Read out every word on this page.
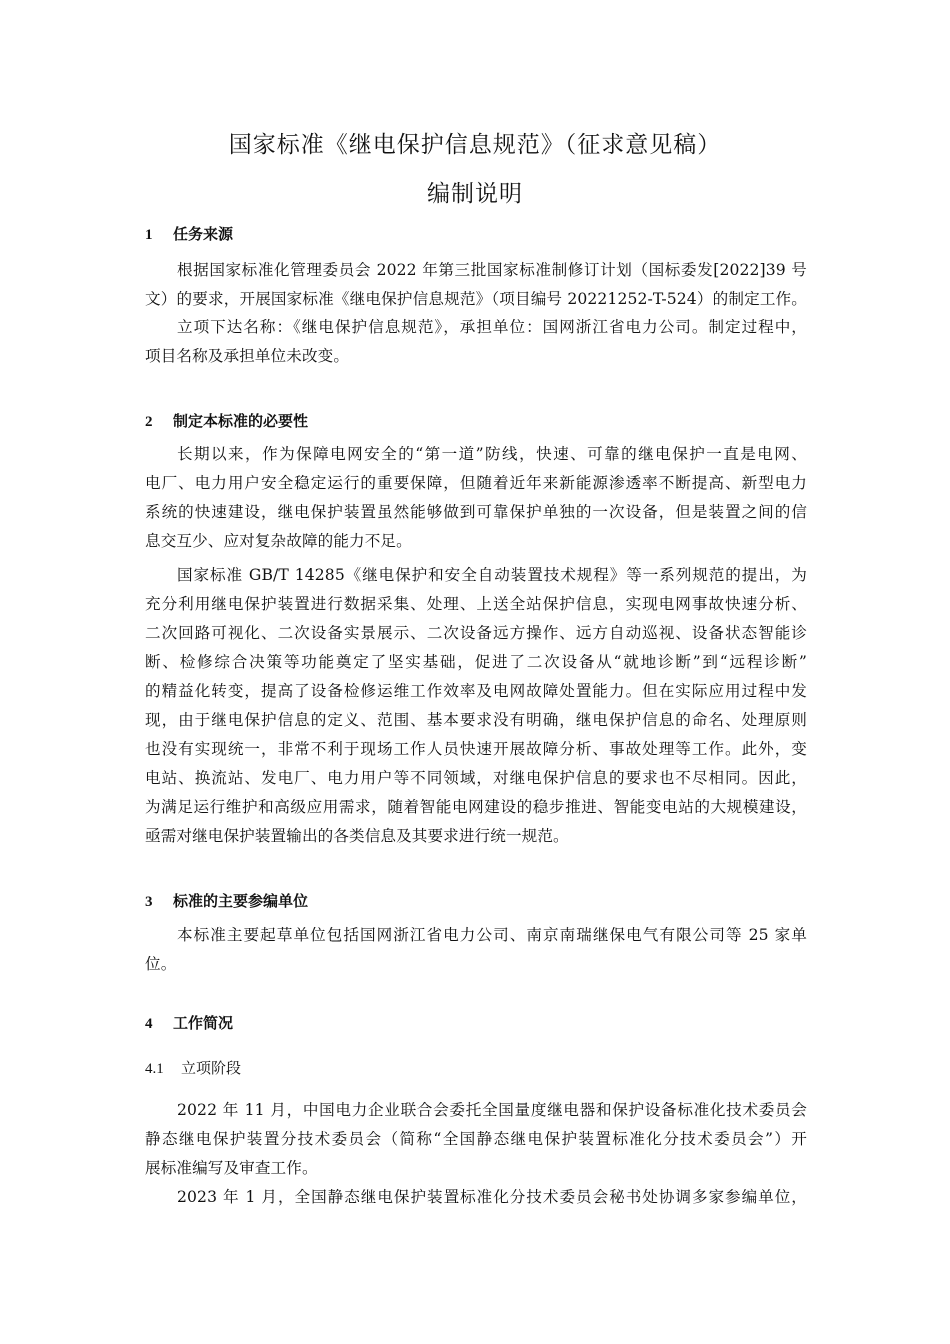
国家标准《继电保护信息规范》（征求意见稿）
编制说明
1 任务来源
根据国家标准化管理委员会 2022 年第三批国家标准制修订计划（国标委发[2022]39 号
文）的要求，开展国家标准《继电保护信息规范》（项目编号 20221252-T-524）的制定工作。
立项下达名称：《继电保护信息规范》，承担单位：国网浙江省电力公司。制定过程中，
项目名称及承担单位未改变。
2 制定本标准的必要性
长期以来，作为保障电网安全的“第一道”防线，快速、可靠的继电保护一直是电网、
电厂、电力用户安全稳定运行的重要保障，但随着近年来新能源渗透率不断提高、新型电力
系统的快速建设，继电保护装置虽然能够做到可靠保护单独的一次设备，但是装置之间的信
息交互少、应对复杂故障的能力不足。
国家标准 GB/T 14285《继电保护和安全自动装置技术规程》等一系列规范的提出，为
充分利用继电保护装置进行数据采集、处理、上送全站保护信息，实现电网事故快速分析、
二次回路可视化、二次设备实景展示、二次设备远方操作、远方自动巡视、设备状态智能诊
断、检修综合决策等功能奠定了坚实基础，促进了二次设备从“就地诊断”到“远程诊断”
的精益化转变，提高了设备检修运维工作效率及电网故障处置能力。但在实际应用过程中发
现，由于继电保护信息的定义、范围、基本要求没有明确，继电保护信息的命名、处理原则
也没有实现统一，非常不利于现场工作人员快速开展故障分析、事故处理等工作。此外，变
电站、换流站、发电厂、电力用户等不同领域，对继电保护信息的要求也不尽相同。因此，
为满足运行维护和高级应用需求，随着智能电网建设的稳步推进、智能变电站的大规模建设，
亟需对继电保护装置输出的各类信息及其要求进行统一规范。
3 标准的主要参编单位
本标准主要起草单位包括国网浙江省电力公司、南京南瑞继保电气有限公司等 25 家单
位。
4 工作简况
4.1 立项阶段
2022 年 11 月，中国电力企业联合会委托全国量度继电器和保护设备标准化技术委员会
静态继电保护装置分技术委员会（简称“全国静态继电保护装置标准化分技术委员会”）开
展标准编写及审查工作。
2023 年 1 月，全国静态继电保护装置标准化分技术委员会秘书处协调多家参编单位，
